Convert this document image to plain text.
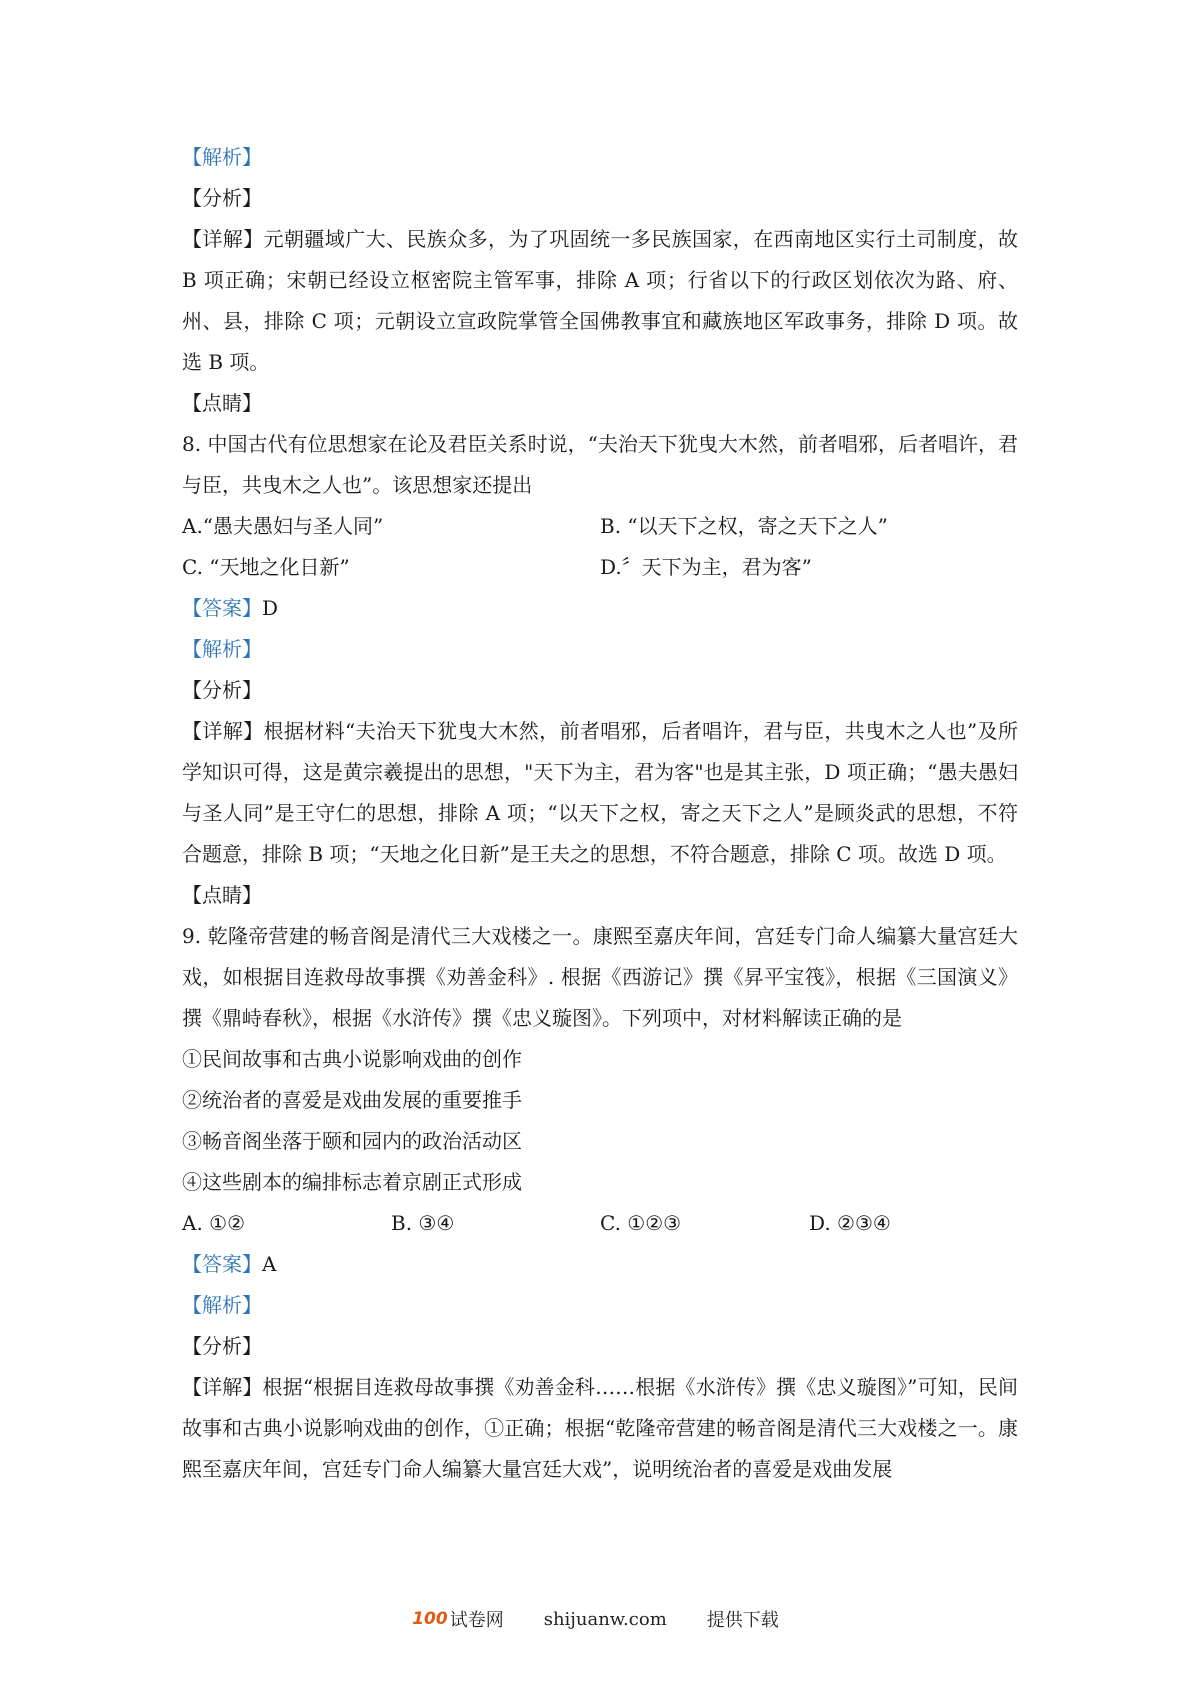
【解析】
【分析】
【详解】元朝疆域广大、民族众多，为了巩固统一多民族国家，在西南地区实行土司制度，故 B 项正确；宋朝已经设立枢密院主管军事，排除 A 项；行省以下的行政区划依次为路、府、州、县，排除 C 项；元朝设立宣政院掌管全国佛教事宜和藏族地区军政事务，排除 D 项。故选 B 项。
【点睛】
8. 中国古代有位思想家在论及君臣关系时说，“夫治天下犹曳大木然，前者唱邪，后者唱许，君与臣，共曳木之人也”。该思想家还提出
A.“愚夫愚妇与圣人同”	B. “以天下之权，寄之天下之人”
C. “天地之化日新”	D.〞天下为主，君为客”
【答案】D
【解析】
【分析】
【详解】根据材料“夫治天下犹曳大木然，前者唱邪，后者唱许，君与臣，共曳木之人也”及所学知识可得，这是黄宗羲提出的思想，"天下为主，君为客"也是其主张，D 项正确；“愚夫愚妇与圣人同”是王守仁的思想，排除 A 项；“以天下之权，寄之天下之人”是顾炎武的思想，不符合题意，排除 B 项；“天地之化日新”是王夫之的思想，不符合题意，排除 C 项。故选 D 项。
【点睛】
9. 乾隆帝营建的畅音阁是清代三大戏楼之一。康熙至嘉庆年间，宫廷专门命人编纂大量宫廷大戏，如根据目连救母故事撰《劝善金科》. 根据《西游记》撰《昇平宝筏》，根据《三国演义》撰《鼎峙春秋》，根据《水浒传》撰《忠义璇图》。下列项中，对材料解读正确的是
①民间故事和古典小说影响戏曲的创作
②统治者的喜爱是戏曲发展的重要推手
③畅音阁坐落于颐和园内的政治活动区
④这些剧本的编排标志着京剧正式形成
A. ①②	B. ③④	C. ①②③	D. ②③④
【答案】A
【解析】
【分析】
【详解】根据“根据目连救母故事撰《劝善金科……根据《水浒传》撰《忠义璇图》”可知，民间故事和古典小说影响戏曲的创作，①正确；根据“乾隆帝营建的畅音阁是清代三大戏楼之一。康熙至嘉庆年间，宫廷专门命人编纂大量宫廷大戏”，说明统治者的喜爱是戏曲发展
100 试卷网 shijuanw.com 提供下载
